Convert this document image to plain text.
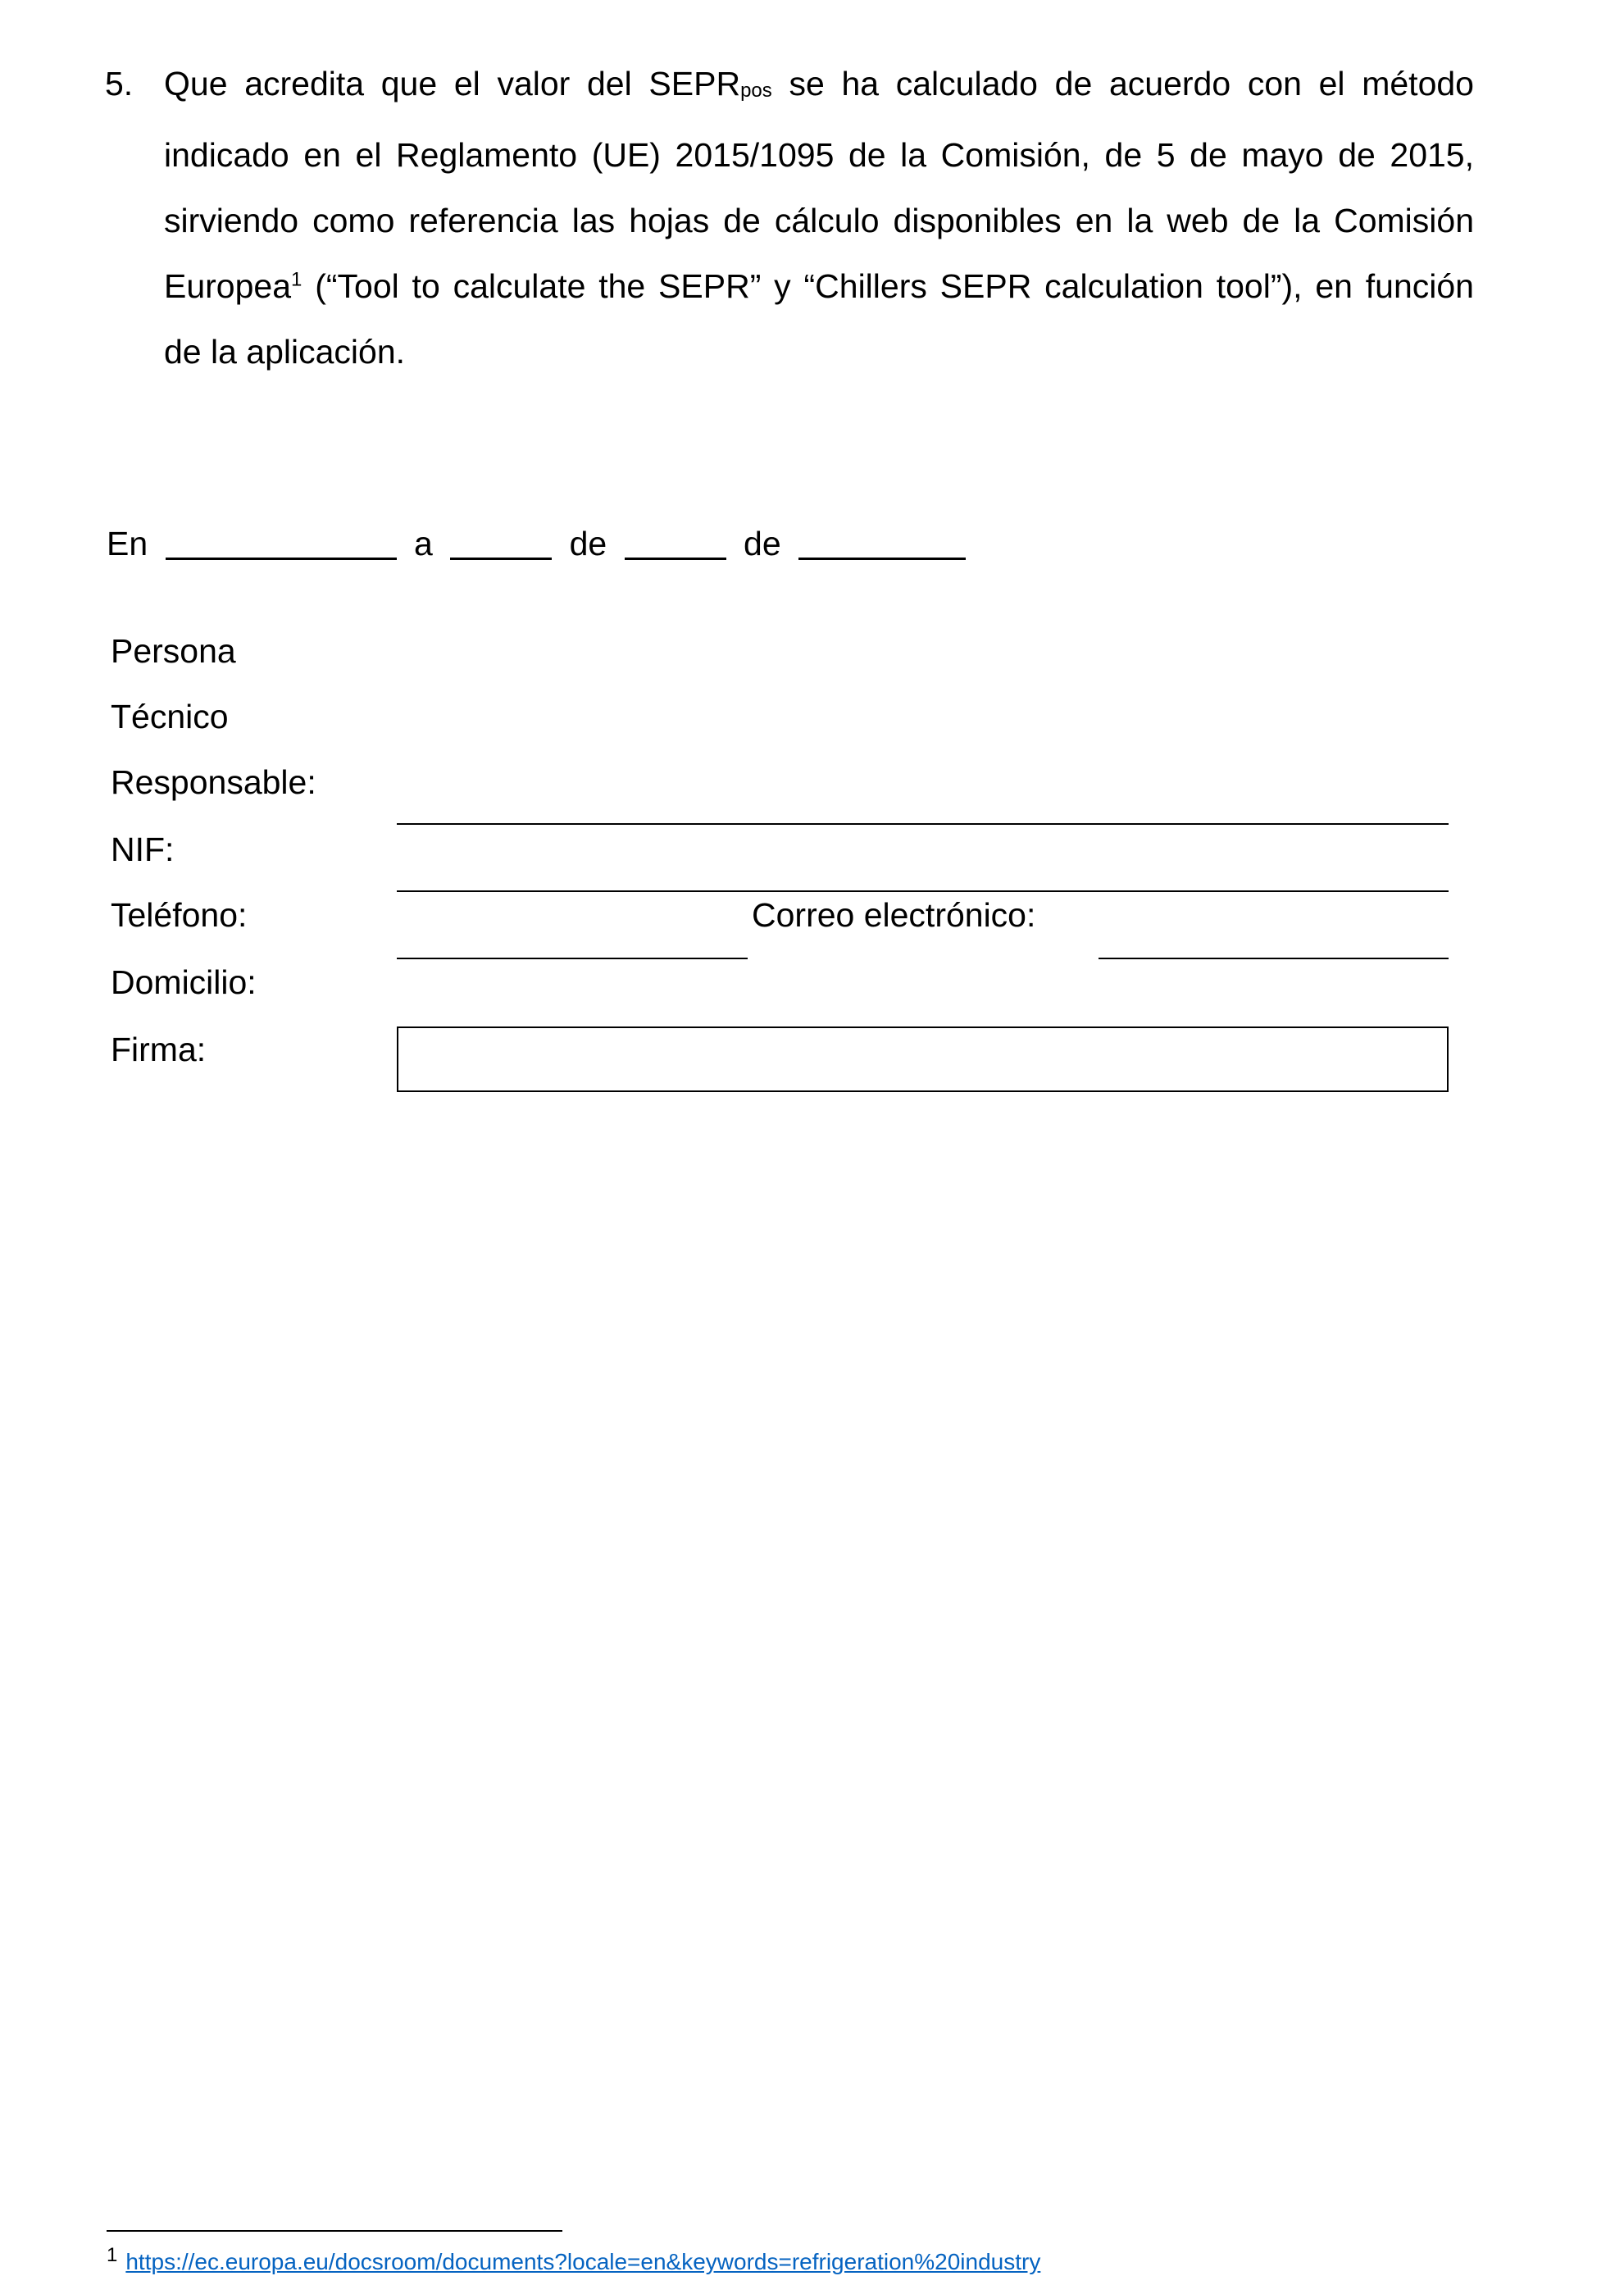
5. Que acredita que el valor del $SEPR_{pos}$ se ha calculado de acuerdo con el método indicado en el Reglamento (UE) 2015/1095 de la Comisión, de 5 de mayo de 2015, sirviendo como referencia las hojas de cálculo disponibles en la web de la Comisión Europea$^1$ (“Tool to calculate the SEPR” y “Chillers SEPR calculation tool”), en función de la aplicación.
En	a	de	de
Persona
Técnico
Responsable:
NIF:
Teléfono:	Correo electrónico:
Domicilio:
Firma:
1 https://ec.europa.eu/docsroom/documents?locale=en&keywords=refrigeration%20industry
